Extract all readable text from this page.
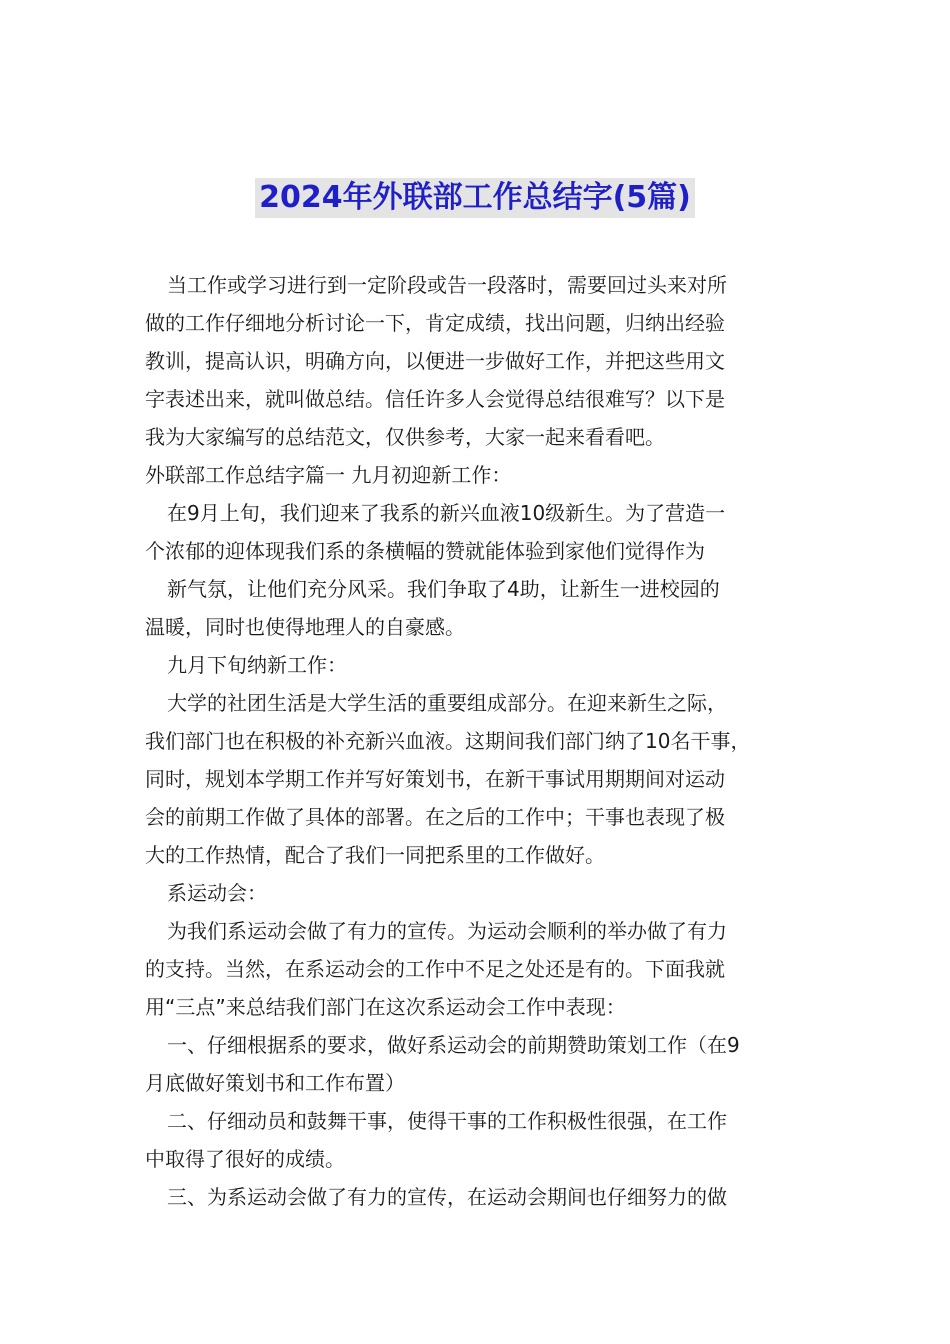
2024年外联部工作总结字(5篇)

当工作或学习进行到一定阶段或告一段落时，需要回过头来对所

做的工作仔细地分析讨论一下，肯定成绩，找出问题，归纳出经验

教训，提高认识，明确方向，以便进一步做好工作，并把这些用文

字表述出来，就叫做总结。信任许多人会觉得总结很难写？以下是

我为大家编写的总结范文，仅供参考，大家一起来看看吧。

外联部工作总结字篇一 九月初迎新工作：

在9月上旬，我们迎来了我系的新兴血液10级新生。为了营造一

个浓郁的迎体现我们系的条横幅的赞就能体验到家他们觉得作为

新气氛，让他们充分风采。我们争取了4助，让新生一进校园的

温暖，同时也使得地理人的自豪感。

九月下旬纳新工作：

大学的社团生活是大学生活的重要组成部分。在迎来新生之际，

我们部门也在积极的补充新兴血液。这期间我们部门纳了10名干事，

同时，规划本学期工作并写好策划书，在新干事试用期期间对运动

会的前期工作做了具体的部署。在之后的工作中；干事也表现了极

大的工作热情，配合了我们一同把系里的工作做好。

系运动会：

为我们系运动会做了有力的宣传。为运动会顺利的举办做了有力

的支持。当然，在系运动会的工作中不足之处还是有的。下面我就

用“三点”来总结我们部门在这次系运动会工作中表现：

一、仔细根据系的要求，做好系运动会的前期赞助策划工作（在9

月底做好策划书和工作布置）

二、仔细动员和鼓舞干事，使得干事的工作积极性很强，在工作

中取得了很好的成绩。

三、为系运动会做了有力的宣传，在运动会期间也仔细努力的做
